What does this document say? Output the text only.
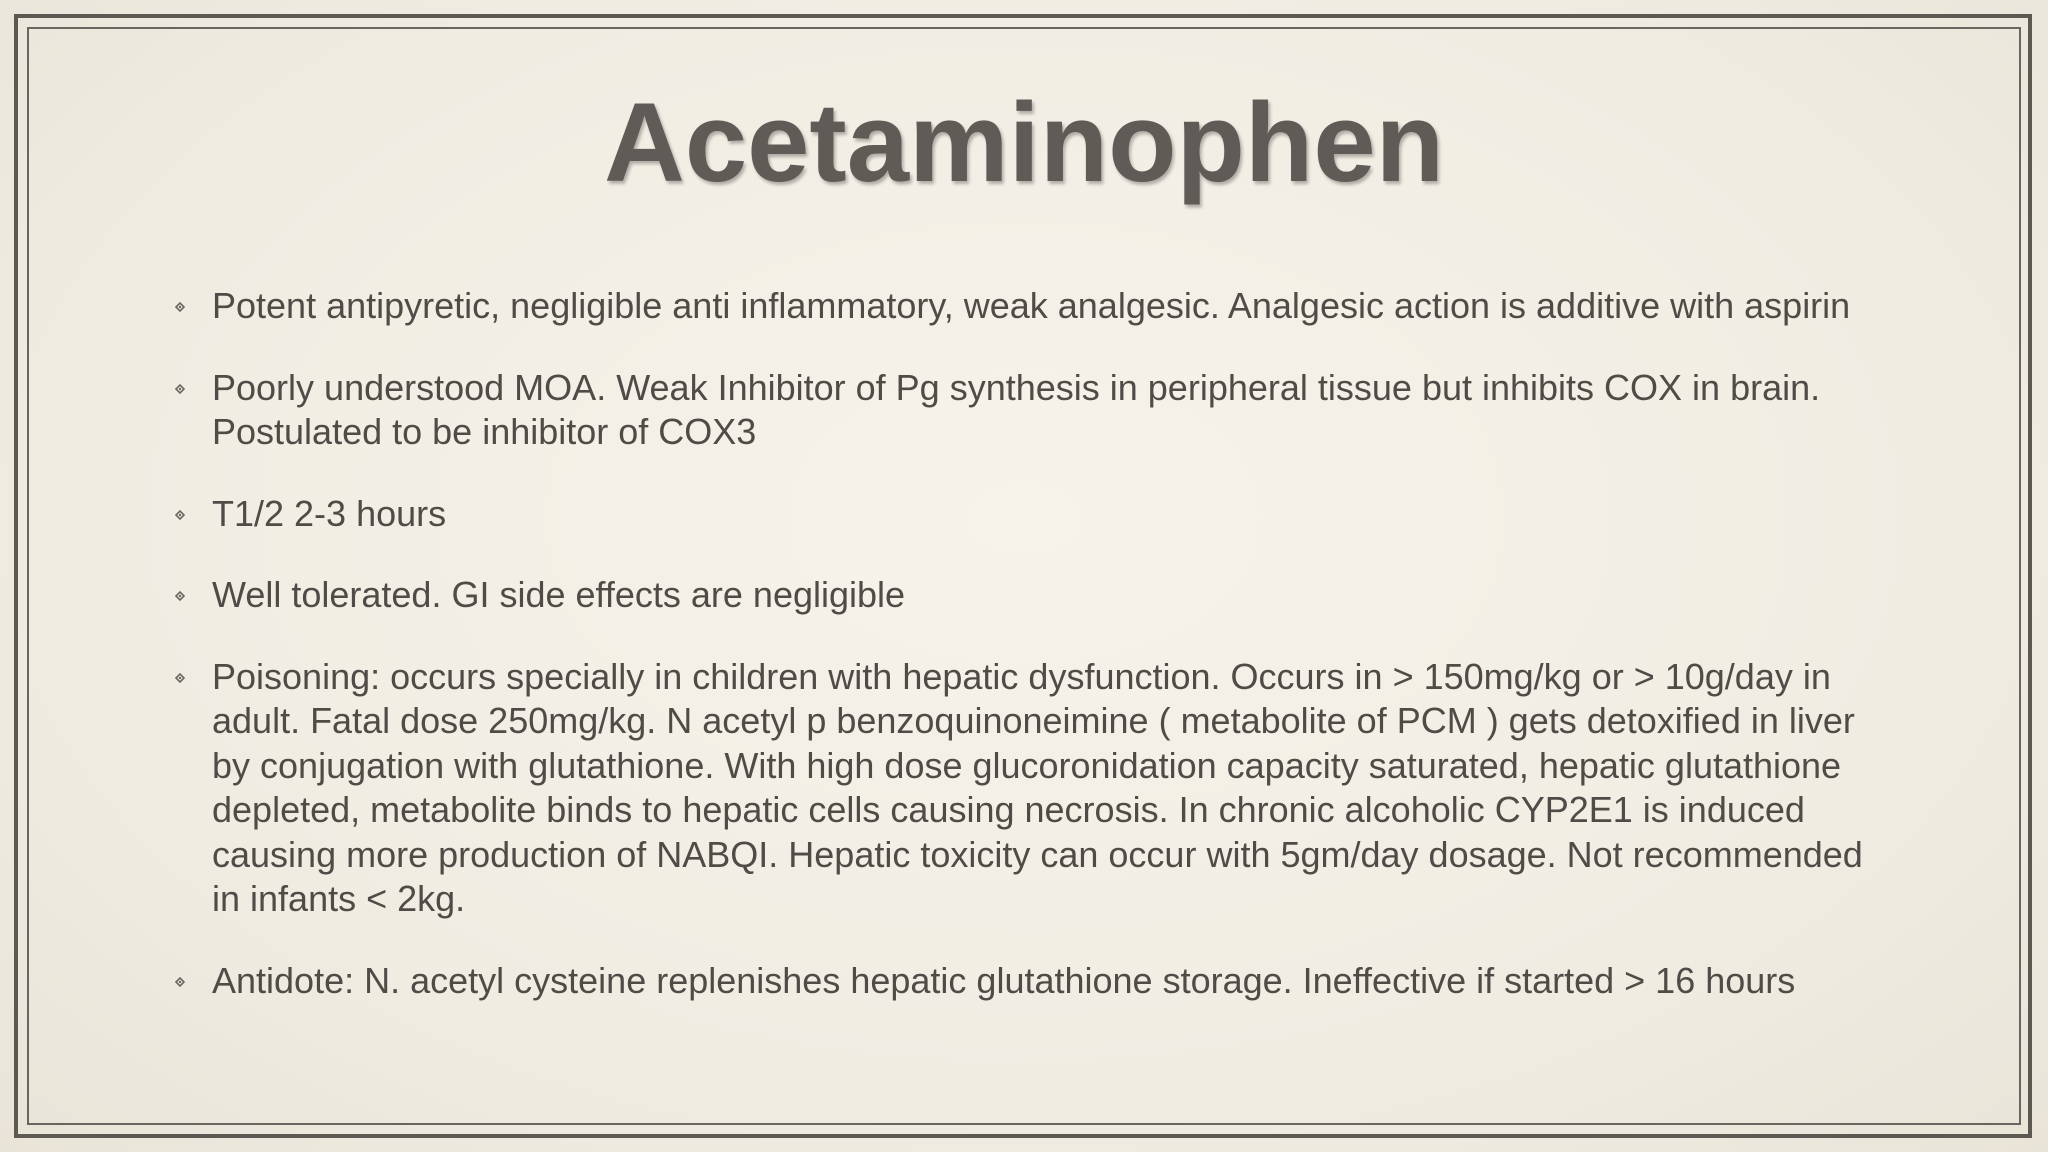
Acetaminophen
Potent antipyretic, negligible anti inflammatory, weak analgesic. Analgesic action is additive with aspirin
Poorly understood MOA. Weak Inhibitor of Pg synthesis in peripheral tissue but inhibits COX in brain. Postulated to be inhibitor of COX3
T1/2 2-3 hours
Well tolerated. GI side effects are negligible
Poisoning: occurs specially in children with hepatic dysfunction. Occurs in > 150mg/kg or > 10g/day in adult. Fatal dose 250mg/kg. N acetyl p benzoquinoneimine ( metabolite of PCM ) gets detoxified in liver by conjugation with glutathione. With high dose glucoronidation capacity saturated, hepatic glutathione depleted, metabolite binds to hepatic cells causing necrosis. In chronic alcoholic CYP2E1 is induced causing more production of NABQI. Hepatic toxicity can occur with 5gm/day dosage. Not recommended in infants < 2kg.
Antidote: N. acetyl cysteine replenishes hepatic glutathione storage. Ineffective if started > 16 hours
